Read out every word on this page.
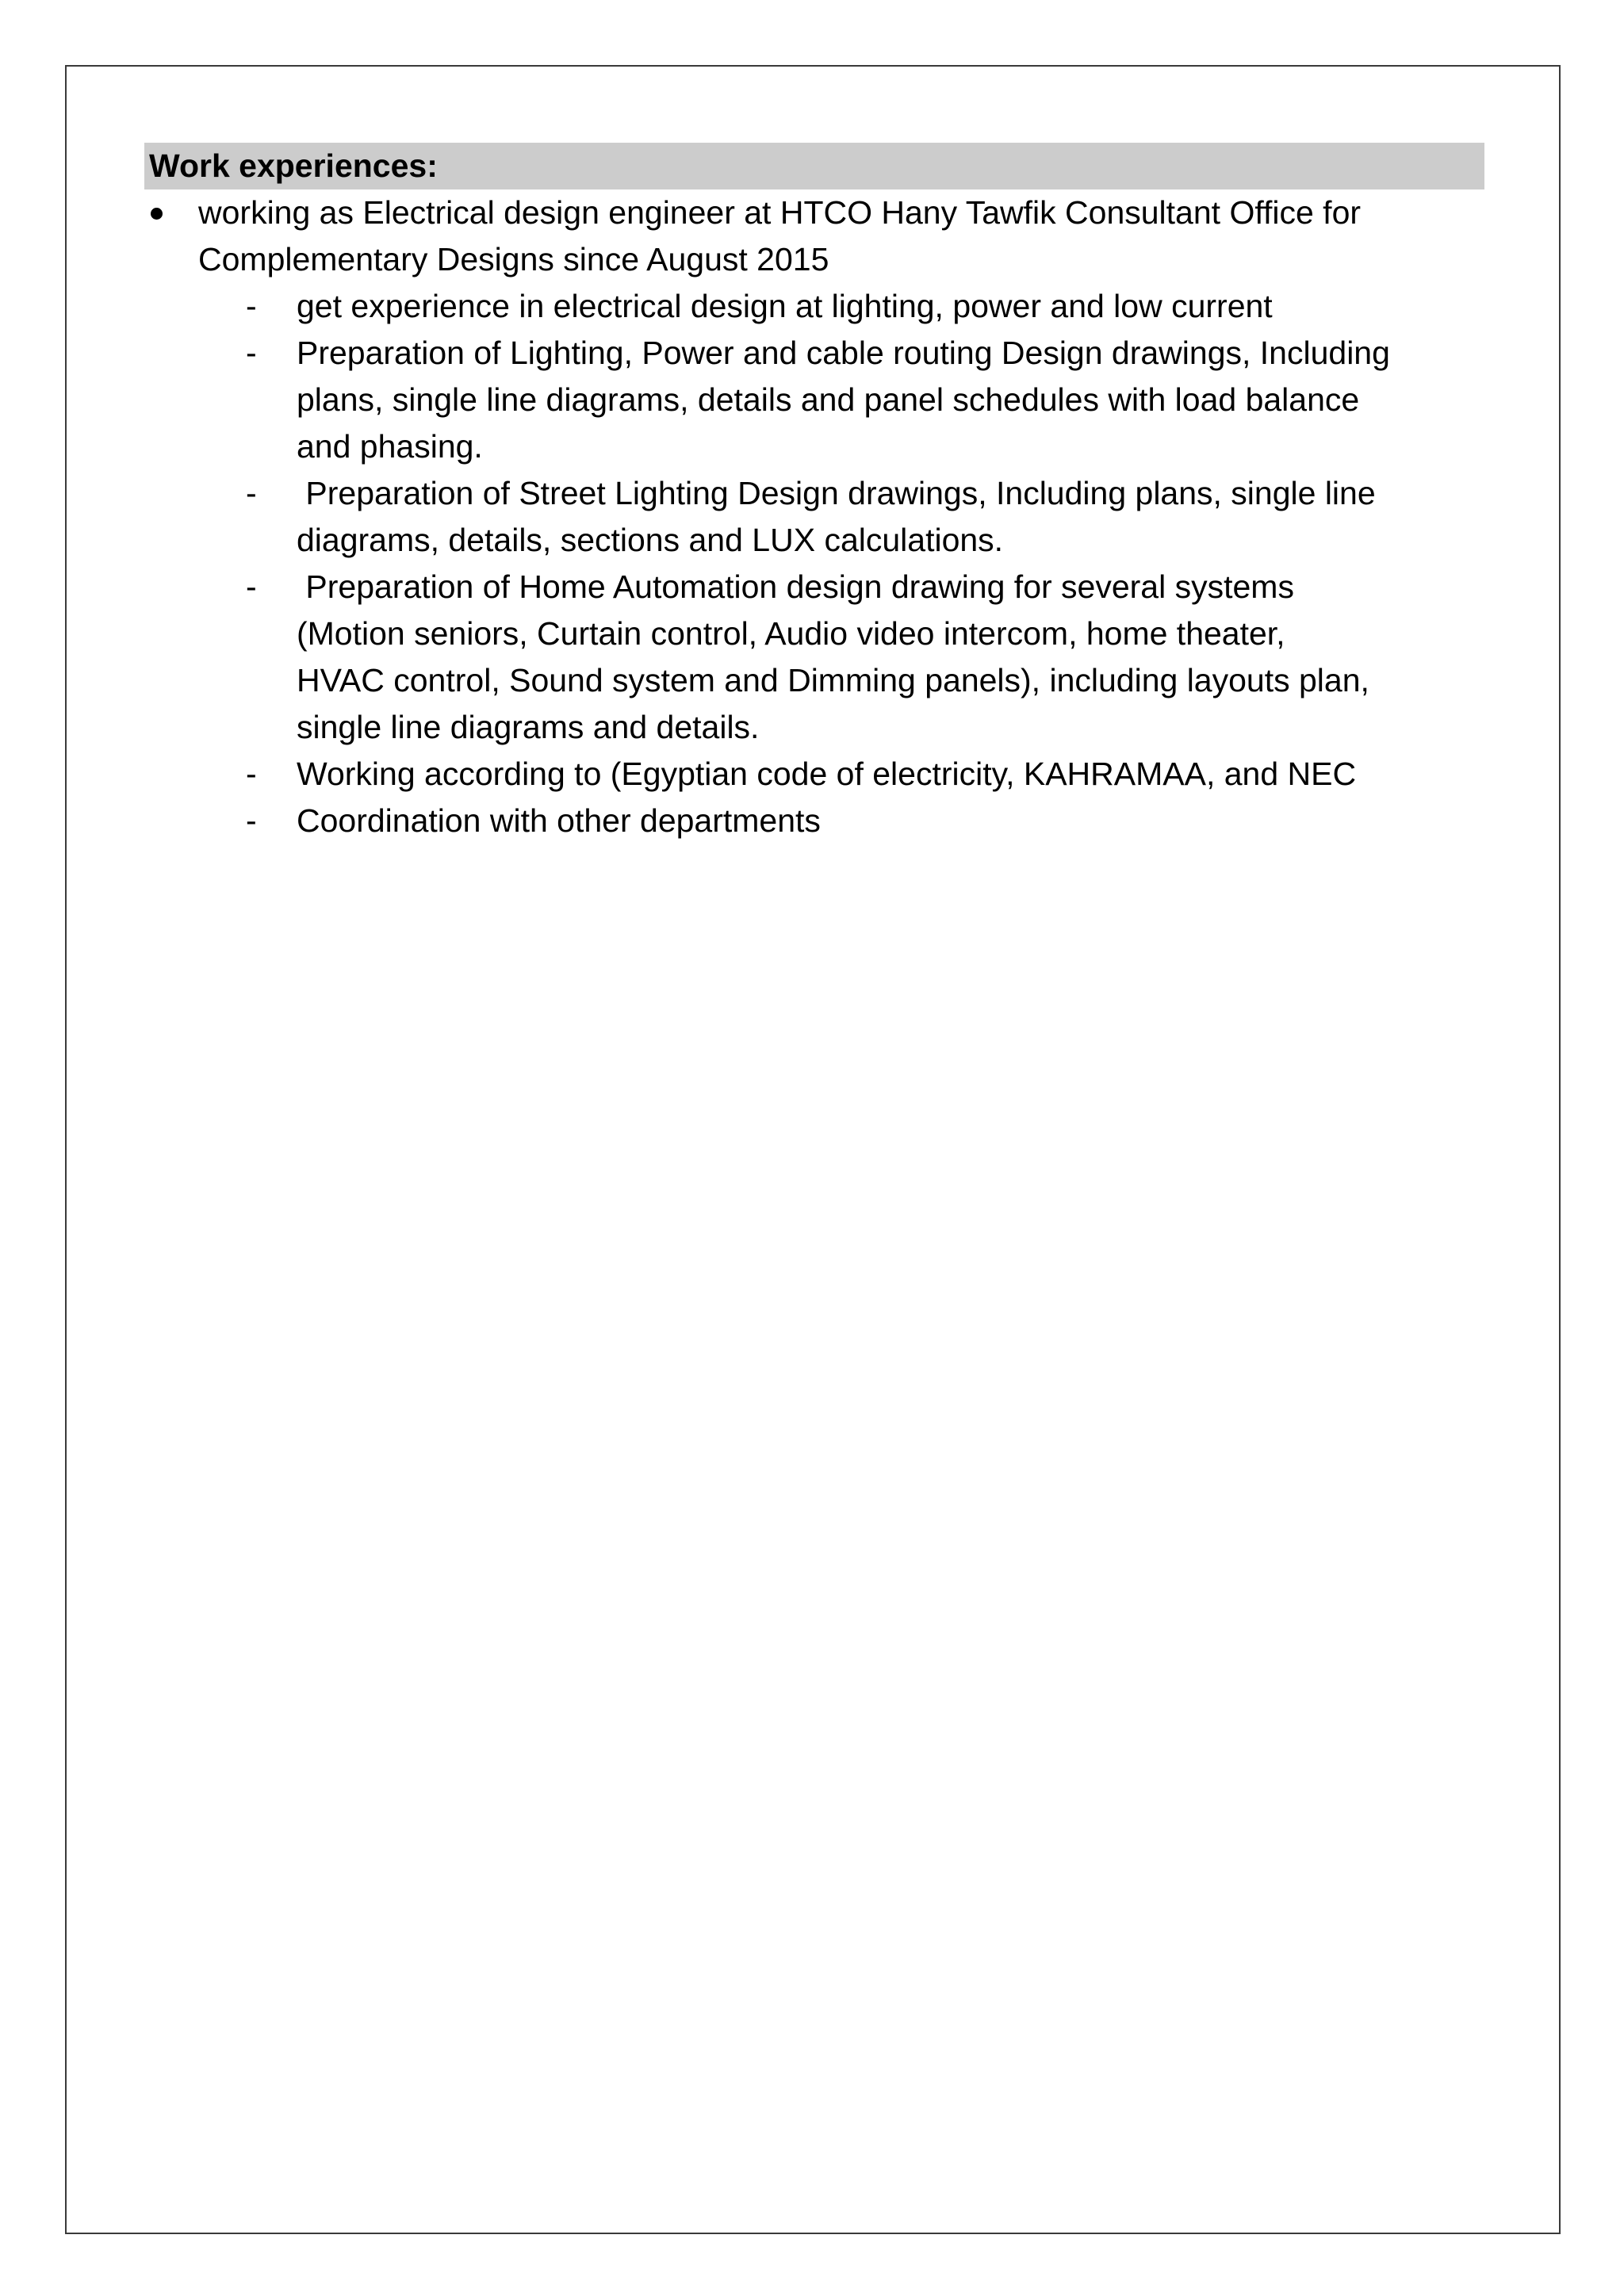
Work experiences:
working as Electrical design engineer at HTCO Hany Tawfik Consultant Office for
Complementary Designs since August 2015
- get experience in electrical design at lighting, power and low current
- Preparation of Lighting, Power and cable routing Design drawings, Including
plans, single line diagrams, details and panel schedules with load balance
and phasing.
- Preparation of Street Lighting Design drawings, Including plans, single line
diagrams, details, sections and LUX calculations.
- Preparation of Home Automation design drawing for several systems
(Motion seniors, Curtain control, Audio video intercom, home theater,
HVAC control, Sound system and Dimming panels), including layouts plan,
single line diagrams and details.
- Working according to (Egyptian code of electricity, KAHRAMAA, and NEC
- Coordination with other departments
